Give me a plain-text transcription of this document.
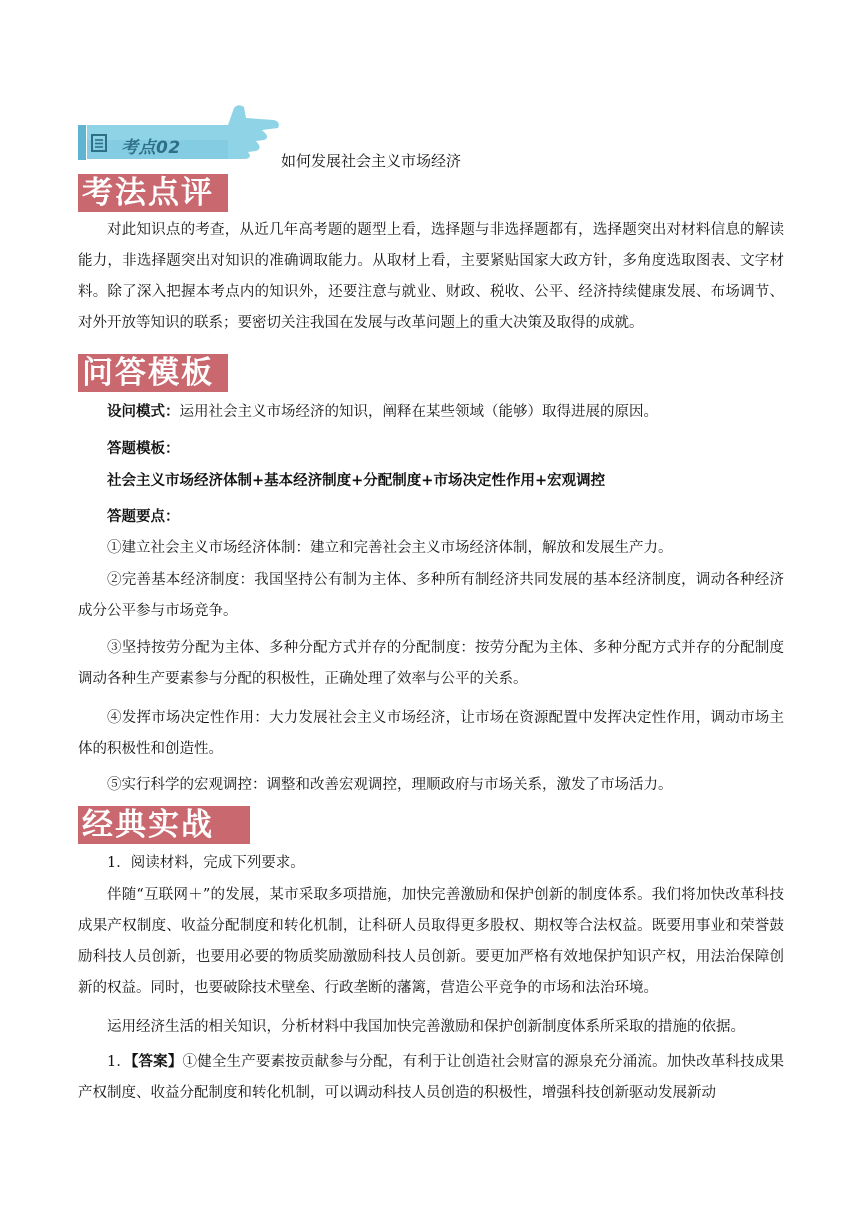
考点02
如何发展社会主义市场经济
考法点评
对此知识点的考查，从近几年高考题的题型上看，选择题与非选择题都有，选择题突出对材料信息的解读能力，非选择题突出对知识的准确调取能力。从取材上看，主要紧贴国家大政方针，多角度选取图表、文字材料。除了深入把握本考点内的知识外，还要注意与就业、财政、税收、公平、经济持续健康发展、布场调节、对外开放等知识的联系；要密切关注我国在发展与改革问题上的重大决策及取得的成就。
问答模板
设问模式：运用社会主义市场经济的知识，阐释在某些领域（能够）取得进展的原因。
答题模板：
社会主义市场经济体制+基本经济制度+分配制度+市场决定性作用+宏观调控
答题要点：
①建立社会主义市场经济体制：建立和完善社会主义市场经济体制，解放和发展生产力。
②完善基本经济制度：我国坚持公有制为主体、多种所有制经济共同发展的基本经济制度，调动各种经济成分公平参与市场竞争。
③坚持按劳分配为主体、多种分配方式并存的分配制度：按劳分配为主体、多种分配方式并存的分配制度调动各种生产要素参与分配的积极性，正确处理了效率与公平的关系。
④发挥市场决定性作用：大力发展社会主义市场经济，让市场在资源配置中发挥决定性作用，调动市场主体的积极性和创造性。
⑤实行科学的宏观调控：调整和改善宏观调控，理顺政府与市场关系，激发了市场活力。
经典实战
1．阅读材料，完成下列要求。
伴随“互联网＋”的发展，某市采取多项措施，加快完善激励和保护创新的制度体系。我们将加快改革科技成果产权制度、收益分配制度和转化机制，让科研人员取得更多股权、期权等合法权益。既要用事业和荣誉鼓励科技人员创新，也要用必要的物质奖励激励科技人员创新。要更加严格有效地保护知识产权，用法治保障创新的权益。同时，也要破除技术壁垒、行政垄断的藩篱，营造公平竞争的市场和法治环境。
运用经济生活的相关知识，分析材料中我国加快完善激励和保护创新制度体系所采取的措施的依据。
1．【答案】①健全生产要素按贡献参与分配，有利于让创造社会财富的源泉充分涌流。加快改革科技成果产权制度、收益分配制度和转化机制，可以调动科技人员创造的积极性，增强科技创新驱动发展新动
